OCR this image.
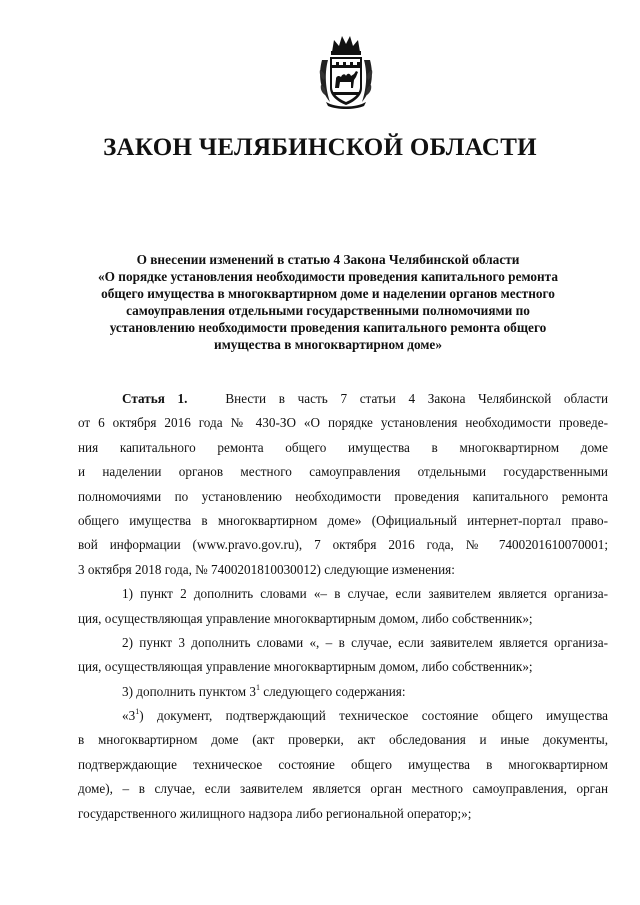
ЗАКОН ЧЕЛЯБИНСКОЙ ОБЛАСТИ
О внесении изменений в статью 4 Закона Челябинской области
«О порядке установления необходимости проведения капитального ремонта
общего имущества в многоквартирном доме и наделении органов местного
самоуправления отдельными государственными полномочиями по
установлению необходимости проведения капитального ремонта общего
имущества в многоквартирном доме»
Статья 1.	Внести в часть 7 статьи 4 Закона Челябинской области
от 6 октября 2016 года № 430-ЗО «О порядке установления необходимости проведе-
ния капитального ремонта общего имущества в многоквартирном доме
и наделении органов местного самоуправления отдельными государственными
полномочиями по установлению необходимости проведения капитального ремонта
общего имущества в многоквартирном доме» (Официальный интернет-портал право-
вой информации (www.pravo.gov.ru), 7 октября 2016 года, № 7400201610070001;
3 октября 2018 года, № 7400201810030012) следующие изменения:
1) пункт 2 дополнить словами «– в случае, если заявителем является организа-
ция, осуществляющая управление многоквартирным домом, либо собственник»;
2) пункт 3 дополнить словами «, – в случае, если заявителем является организа-
ция, осуществляющая управление многоквартирным домом, либо собственник»;
3) дополнить пунктом $3^1$ следующего содержания:
«$3^1$) документ, подтверждающий техническое состояние общего имущества
в многоквартирном доме (акт проверки, акт обследования и иные документы,
подтверждающие техническое состояние общего имущества в многоквартирном
доме), – в случае, если заявителем является орган местного самоуправления, орган
государственного жилищного надзора либо региональной оператор;»;
